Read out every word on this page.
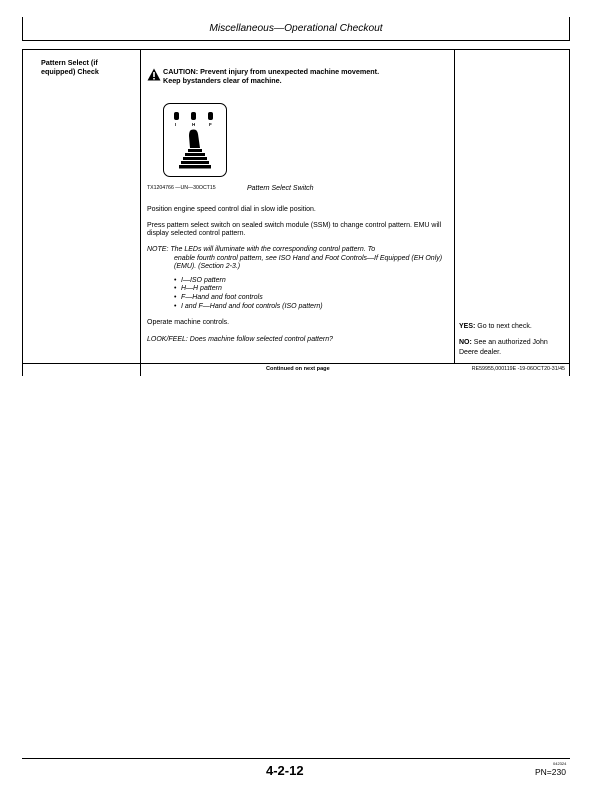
Miscellaneous—Operational Checkout
Pattern Select (if equipped) Check	CAUTION: Prevent injury from unexpected machine movement.
Keep bystanders clear of machine.
I	H	F
TX1204766 —UN—30OCT15	Pattern Select Switch
Position engine speed control dial in slow idle position.
Press pattern select switch on sealed switch module (SSM) to change control pattern. EMU will display selected control pattern.
NOTE: The LEDs will illuminate with the corresponding control pattern. To
enable fourth control pattern, see ISO Hand and Foot Controls—If Equipped (EH Only) (EMU). (Section 2-3.)
• I—ISO pattern
• H—H pattern
• F—Hand and foot controls
• I and F—Hand and foot controls (ISO pattern)
Operate machine controls.
LOOK/FEEL: Does machine follow selected control pattern?
YES: Go to next check.
NO: See an authorized John Deere dealer.
Continued on next page	RE59955,000119E -19-06OCT20-31/45
4-2-12	042324
PN=230
